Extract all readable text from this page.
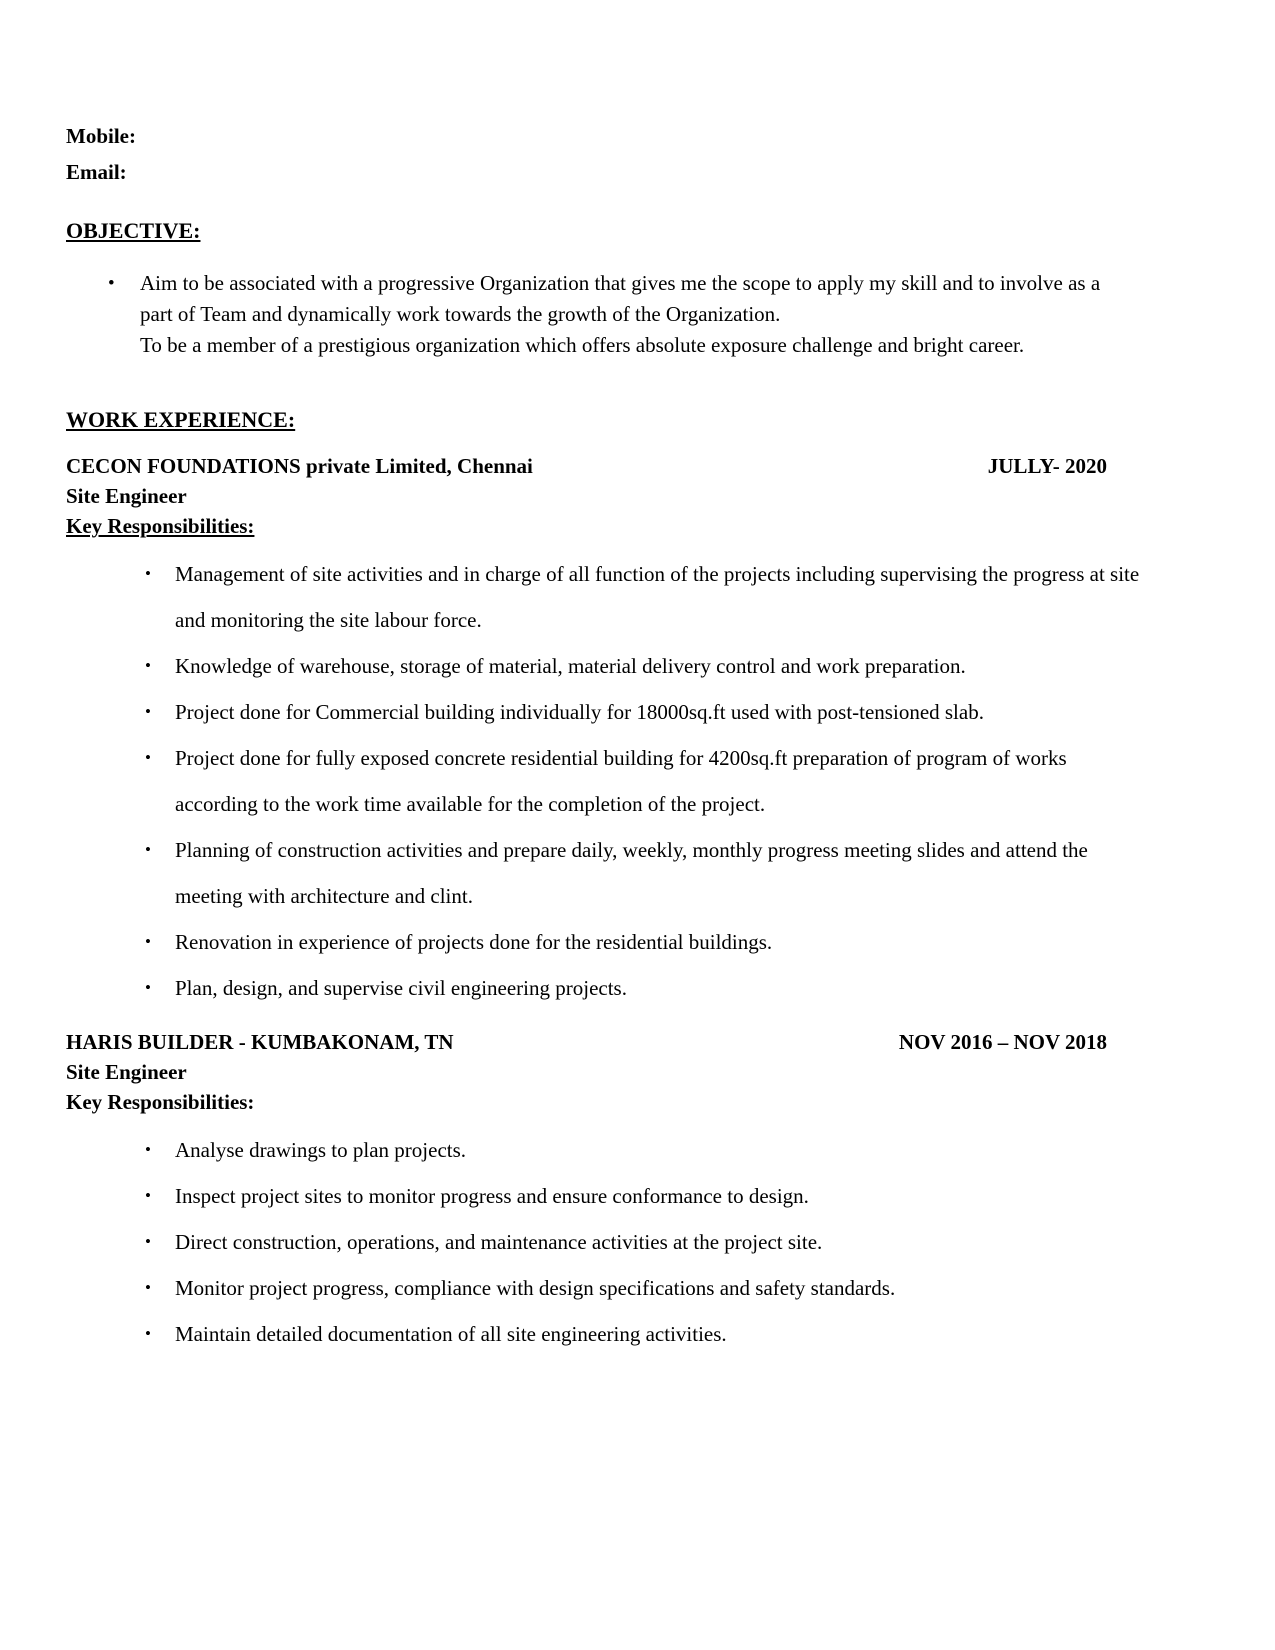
Mobile:
Email:
OBJECTIVE:
• Aim to be associated with a progressive Organization that gives me the scope to apply my skill and to involve as a part of Team and dynamically work towards the growth of the Organization.
To be a member of a prestigious organization which offers absolute exposure challenge and bright career.
WORK EXPERIENCE:
CECON FOUNDATIONS private Limited, Chennai	JULLY- 2020
Site Engineer
Key Responsibilities:
• Management of site activities and in charge of all function of the projects including supervising the progress at site and monitoring the site labour force.
• Knowledge of warehouse, storage of material, material delivery control and work preparation.
• Project done for Commercial building individually for 18000sq.ft used with post-tensioned slab.
• Project done for fully exposed concrete residential building for 4200sq.ft preparation of program of works according to the work time available for the completion of the project.
• Planning of construction activities and prepare daily, weekly, monthly progress meeting slides and attend the meeting with architecture and clint.
• Renovation in experience of projects done for the residential buildings.
• Plan, design, and supervise civil engineering projects.
HARIS BUILDER - KUMBAKONAM, TN	NOV 2016 – NOV 2018
Site Engineer
Key Responsibilities:
• Analyse drawings to plan projects.
• Inspect project sites to monitor progress and ensure conformance to design.
• Direct construction, operations, and maintenance activities at the project site.
• Monitor project progress, compliance with design specifications and safety standards.
• Maintain detailed documentation of all site engineering activities.
